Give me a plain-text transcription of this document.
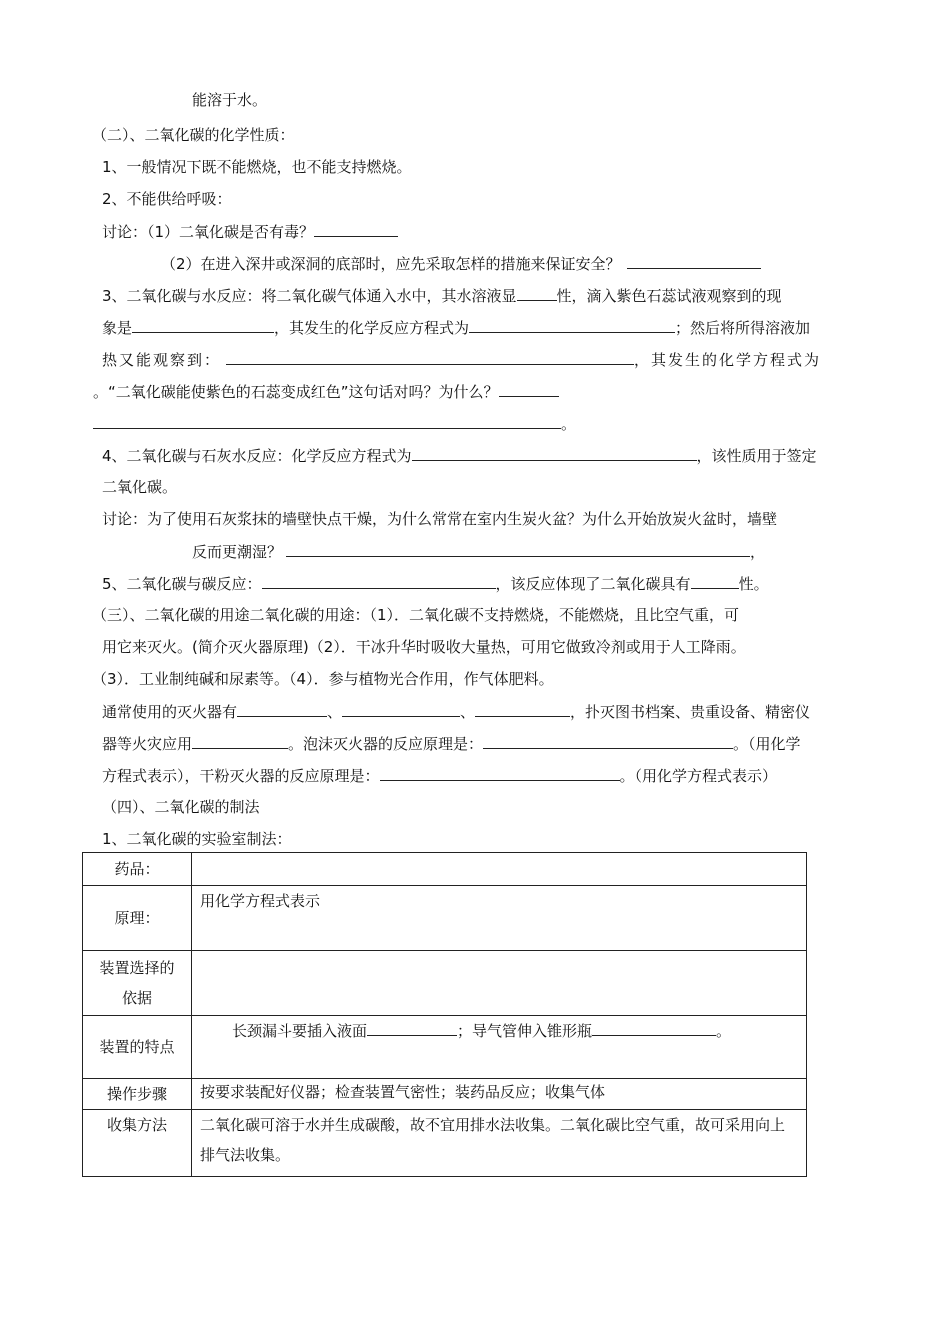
能溶于水。
（二）、二氧化碳的化学性质：
1、一般情况下既不能燃烧，也不能支持燃烧。
2、不能供给呼吸：
讨论：（1）二氧化碳是否有毒？
（2）在进入深井或深洞的底部时，应先采取怎样的措施来保证安全？
3、二氧化碳与水反应：将二氧化碳气体通入水中，其水溶液显	性，滴入紫色石蕊试液观察到的现
象是	，其发生的化学反应方程式为	；然后将所得溶液加
热又能观察到：	，其发生的化学方程式为
。“二氧化碳能使紫色的石蕊变成红色”这句话对吗？为什么？
。
4、二氧化碳与石灰水反应：化学反应方程式为	，该性质用于签定
二氧化碳。
讨论：为了使用石灰浆抹的墙壁快点干燥，为什么常常在室内生炭火盆？为什么开始放炭火盆时，墙壁
反而更潮湿？	，
5、二氧化碳与碳反应：	，该反应体现了二氧化碳具有	性。
（三）、二氧化碳的用途二氧化碳的用途：（1）．二氧化碳不支持燃烧，不能燃烧，且比空气重，可
用它来灭火。(简介灭火器原理)（2）．干冰升华时吸收大量热，可用它做致冷剂或用于人工降雨。
（3）．工业制纯碱和尿素等。（4）．参与植物光合作用，作气体肥料。
通常使用的灭火器有	、	、	，扑灭图书档案、贵重设备、精密仪
器等火灾应用	。泡沫灭火器的反应原理是：	。（用化学
方程式表示），干粉灭火器的反应原理是：	。（用化学方程式表示）
（四）、二氧化碳的制法
1、二氧化碳的实验室制法：
药品：	
原理：	用化学方程式表示

装置选择的
依据	

装置的特点	长颈漏斗要插入液面 ；导气管伸入锥形瓶 。
操作步骤	按要求装配好仪器；检查装置气密性；装药品反应；收集气体
收集方法	二氧化碳可溶于水并生成碳酸，故不宜用排水法收集。二氧化碳比空气重，故可采用向上排气法收集。
